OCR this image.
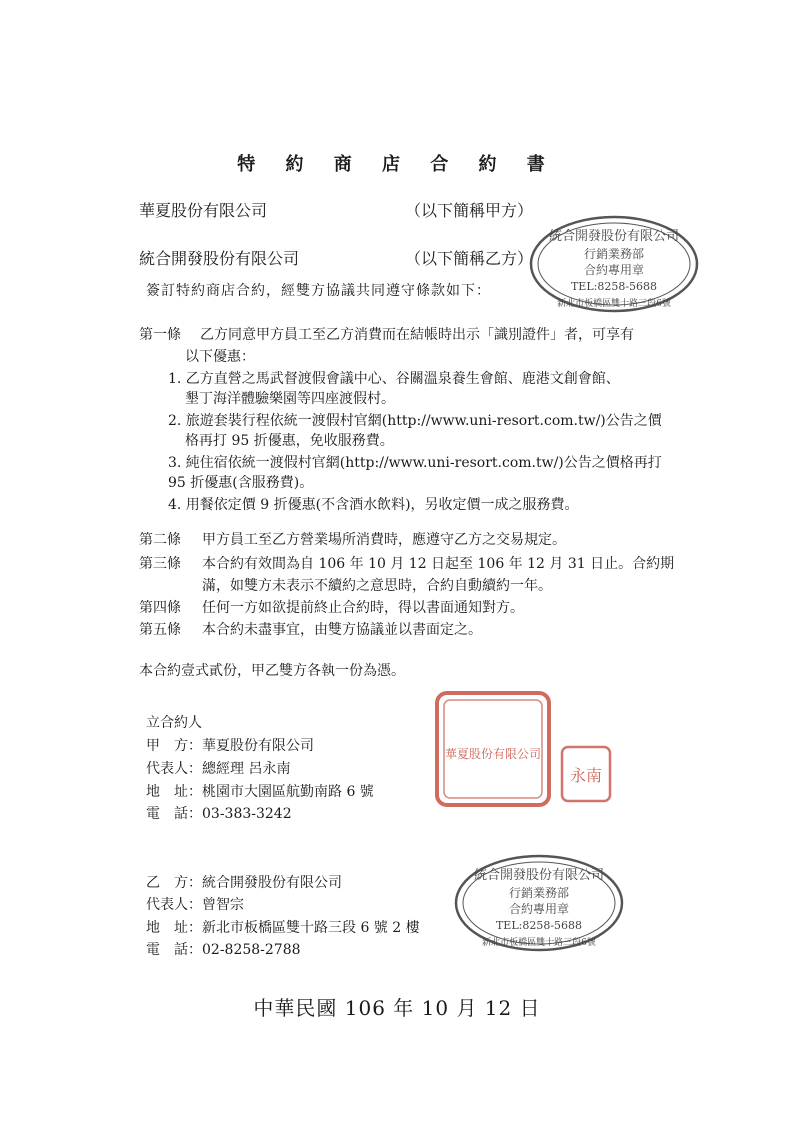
特 約 商 店 合 約 書
華夏股份有限公司	（以下簡稱甲方）
統合開發股份有限公司	（以下簡稱乙方）
簽訂特約商店合約，經雙方協議共同遵守條款如下：
第一條 乙方同意甲方員工至乙方消費而在結帳時出示「識別證件」者，可享有
以下優惠：
1. 乙方直營之馬武督渡假會議中心、谷關溫泉養生會館、鹿港文創會館、
墾丁海洋體驗樂園等四座渡假村。
2. 旅遊套裝行程依統一渡假村官網(http://www.uni-resort.com.tw/)公告之價
格再打 95 折優惠，免收服務費。
3. 純住宿依統一渡假村官網(http://www.uni-resort.com.tw/)公告之價格再打
95 折優惠(含服務費)。
4. 用餐依定價 9 折優惠(不含酒水飲料)，另收定價一成之服務費。
第二條 甲方員工至乙方營業場所消費時，應遵守乙方之交易規定。
第三條 本合約有效間為自 106 年 10 月 12 日起至 106 年 12 月 31 日止。合約期
滿，如雙方未表示不續約之意思時，合約自動續約一年。
第四條 任何一方如欲提前終止合約時，得以書面通知對方。
第五條 本合約未盡事宜，由雙方協議並以書面定之。
本合約壹式貳份，甲乙雙方各執一份為憑。
立合約人
甲　方：華夏股份有限公司
代表人：總經理 呂永南
地　址：桃園市大園區航勤南路 6 號
電　話：03-383-3242
乙　方：統合開發股份有限公司
代表人：曾智宗
地　址：新北市板橋區雙十路三段 6 號 2 樓
電　話：02-8258-2788
中華民國 106 年 10 月 12 日
統合開發股份有限公司
行銷業務部
合約專用章
TEL:8258-5688
新北市板橋區雙十路三段6號
華夏股份有限公司
永南
統合開發股份有限公司
行銷業務部
合約專用章
TEL:8258-5688
新北市板橋區雙十路三段6號
